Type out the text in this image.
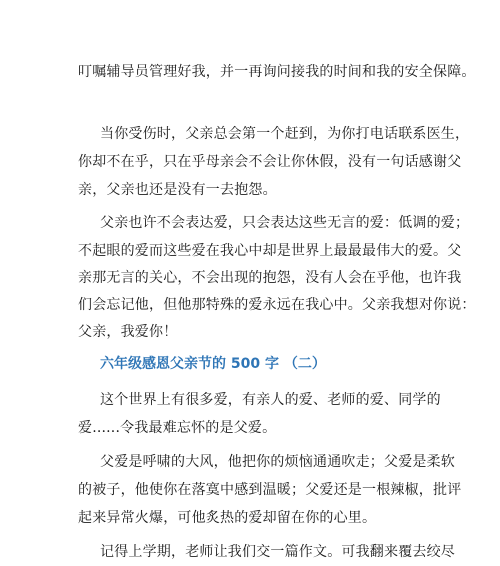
叮嘱辅导员管理好我，并一再询问接我的时间和我的安全保障。
当你受伤时，父亲总会第一个赶到，为你打电话联系医生，
你却不在乎，只在乎母亲会不会让你休假，没有一句话感谢父
亲，父亲也还是没有一去抱怨。
父亲也许不会表达爱，只会表达这些无言的爱：低调的爱；
不起眼的爱而这些爱在我心中却是世界上最最最伟大的爱。父
亲那无言的关心，不会出现的抱怨，没有人会在乎他，也许我
们会忘记他，但他那特殊的爱永远在我心中。父亲我想对你说：
父亲，我爱你！
六年级感恩父亲节的 500 字 （二）
这个世界上有很多爱，有亲人的爱、老师的爱、同学的
爱......令我最难忘怀的是父爱。
父爱是呼啸的大风，他把你的烦恼通通吹走；父爱是柔软
的被子，他使你在落寞中感到温暖；父爱还是一根辣椒，批评
起来异常火爆，可他炙热的爱却留在你的心里。
记得上学期，老师让我们交一篇作文。可我翻来覆去绞尽
